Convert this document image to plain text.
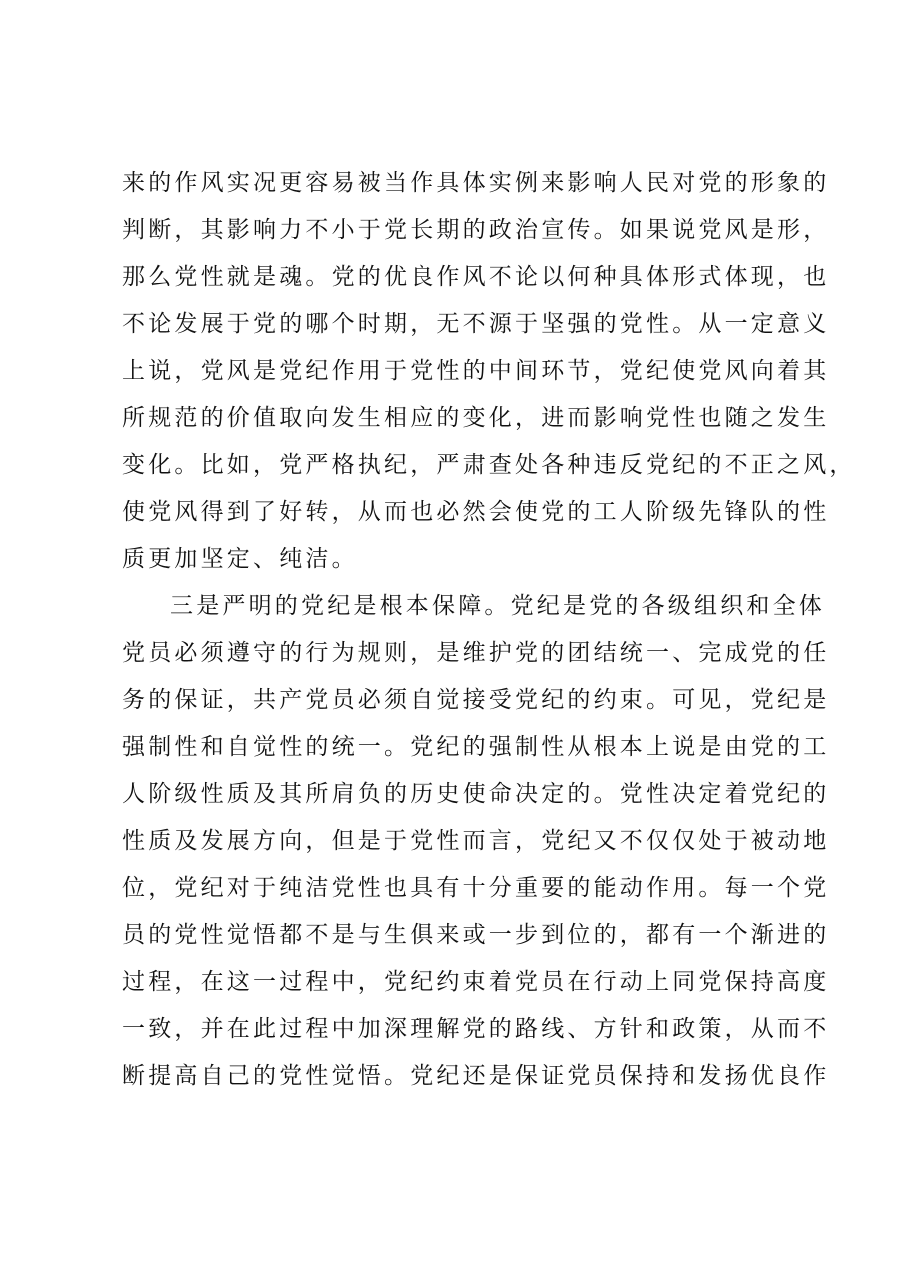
来的作风实况更容易被当作具体实例来影响人民对党的形象的
判断，其影响力不小于党长期的政治宣传。如果说党风是形，
那么党性就是魂。党的优良作风不论以何种具体形式体现，也
不论发展于党的哪个时期，无不源于坚强的党性。从一定意义
上说，党风是党纪作用于党性的中间环节，党纪使党风向着其
所规范的价值取向发生相应的变化，进而影响党性也随之发生
变化。比如，党严格执纪，严肃查处各种违反党纪的不正之风，
使党风得到了好转，从而也必然会使党的工人阶级先锋队的性
质更加坚定、纯洁。
三是严明的党纪是根本保障。党纪是党的各级组织和全体
党员必须遵守的行为规则，是维护党的团结统一、完成党的任
务的保证，共产党员必须自觉接受党纪的约束。可见，党纪是
强制性和自觉性的统一。党纪的强制性从根本上说是由党的工
人阶级性质及其所肩负的历史使命决定的。党性决定着党纪的
性质及发展方向，但是于党性而言，党纪又不仅仅处于被动地
位，党纪对于纯洁党性也具有十分重要的能动作用。每一个党
员的党性觉悟都不是与生俱来或一步到位的，都有一个渐进的
过程，在这一过程中，党纪约束着党员在行动上同党保持高度
一致，并在此过程中加深理解党的路线、方针和政策，从而不
断提高自己的党性觉悟。党纪还是保证党员保持和发扬优良作
